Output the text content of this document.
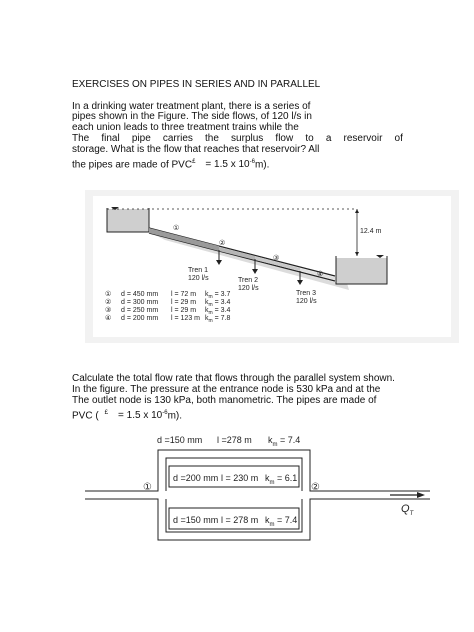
EXERCISES ON PIPES IN SERIES AND IN PARALLEL
In a drinking water treatment plant, there is a series of
pipes shown in the Figure. The side flows, of 120 l/s in
each union leads to three treatment trains while the
The final pipe carries the surplus flow to a reservoir of
storage. What is the flow that reaches that reservoir? All
the pipes are made of PVC£ = 1.5 x $10^{-6}m$).
①
②
③
④
Tren 1
120 l/s	Tren 2
120 l/s
Tren 3
120 l/s
12.4 m
① d = 450 mm l = 72 m $k_m = 3.7$
② d = 300 mm l = 29 m $k_m = 3.4$
③ d = 250 mm l = 29 m $k_m = 3.4$
④ d = 200 mm l = 123 m $k_m = 7.8$
Calculate the total flow rate that flows through the parallel system shown.
In the figure. The pressure at the entrance node is 530 kPa and at the
The outlet node is 130 kPa, both manometric. The pipes are made of
PVC ( £ = 1.5 x $10^{-6}m$).
d =150 mm l =278 m $k_m = 7.4$
d =200 mm l = 230 m $k_m = 6.1$
d =150 mm l = 278 m $k_m = 7.4$
①	②
$Q_T$
